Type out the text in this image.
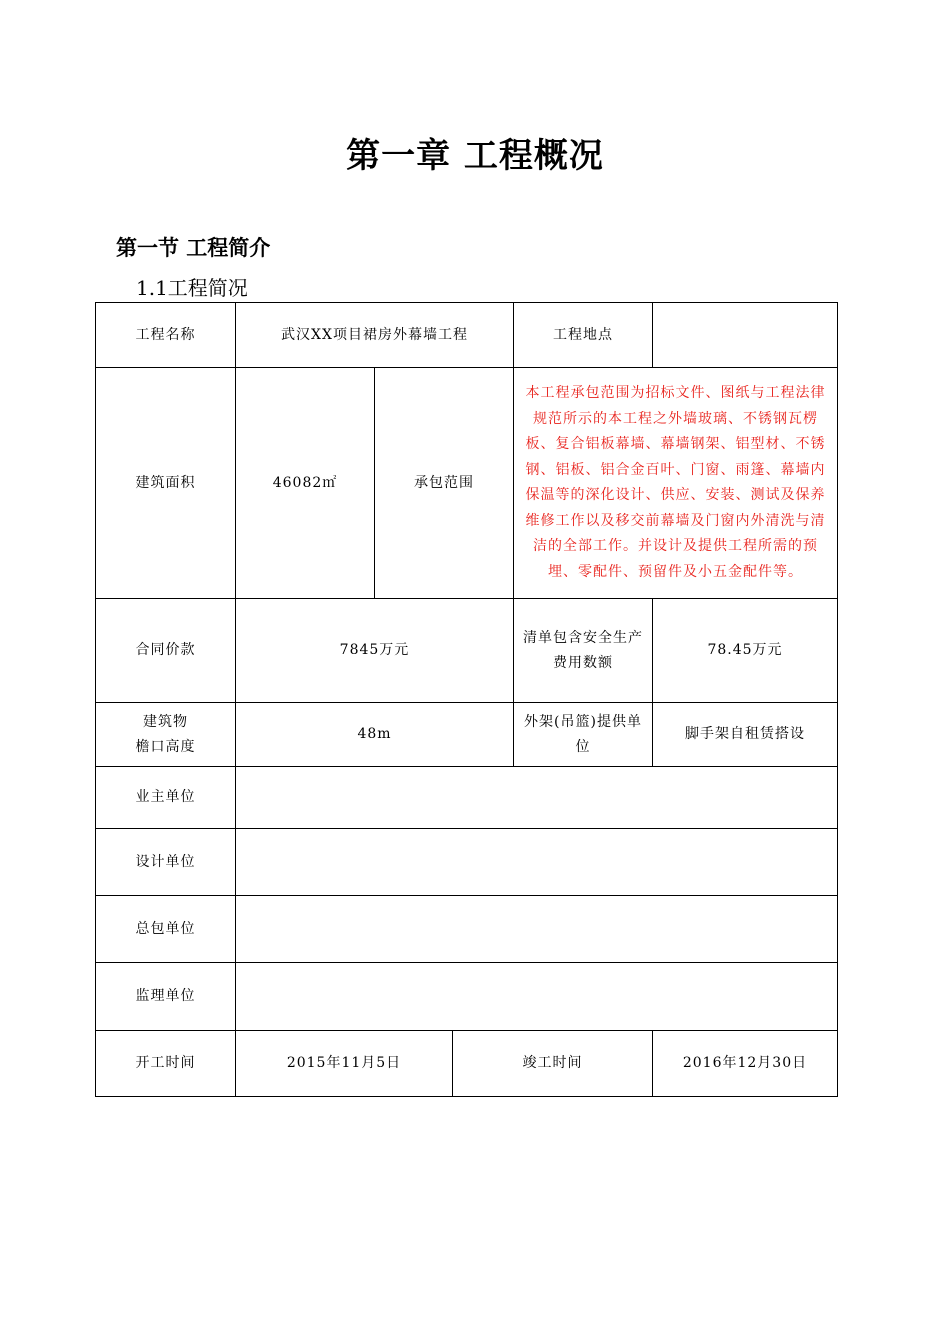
第一章 工程概况
第一节 工程简介
1.1工程简况
工程名称	武汉XX项目裙房外幕墙工程			工程地点	
建筑面积	46082㎡	承包范围		本工程承包范围为招标文件、图纸与工程法律规范所示的本工程之外墙玻璃、不锈钢瓦楞板、复合铝板幕墙、幕墙钢架、铝型材、不锈钢、铝板、铝合金百叶、门窗、雨篷、幕墙内保温等的深化设计、供应、安装、测试及保养维修工作以及移交前幕墙及门窗内外清洗与清洁的全部工作。并设计及提供工程所需的预埋、零配件、预留件及小五金配件等。	
合同价款	7845万元			清单包含安全生产费用数额	78.45万元
建筑物
檐口高度	48m			外架(吊篮)提供单位	脚手架自租赁搭设
业主单位					
设计单位					
总包单位					
监理单位					
开工时间	2015年11月5日		竣工时间		2016年12月30日
